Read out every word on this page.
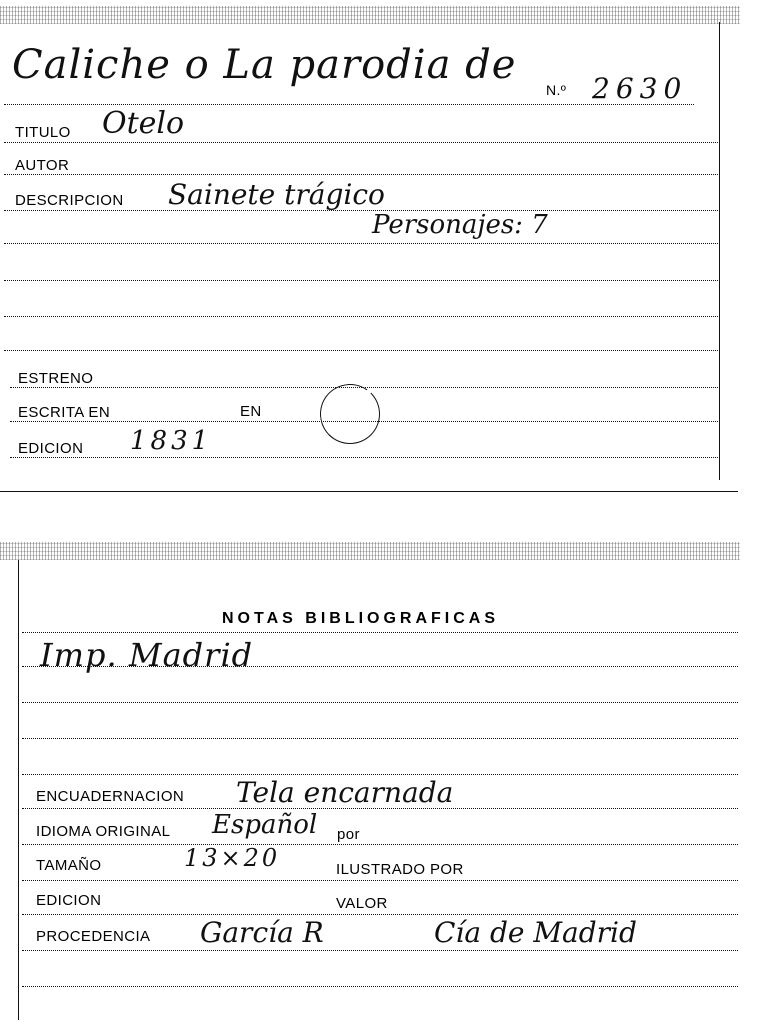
Caliche o La parodia de
N.º 2630
TITULO Otelo
AUTOR
DESCRIPCION Sainete trágico
Personajes: 7
ESTRENO
ESCRITA EN	EN
EDICION 1831
NOTAS BIBLIOGRAFICAS
Imp. Madrid
ENCUADERNACION Tela encarnada
IDIOMA ORIGINAL Español por
TAMAÑO	13×20	ILUSTRADO POR
EDICION	VALOR
PROCEDENCIA García R	Cía de Madrid
